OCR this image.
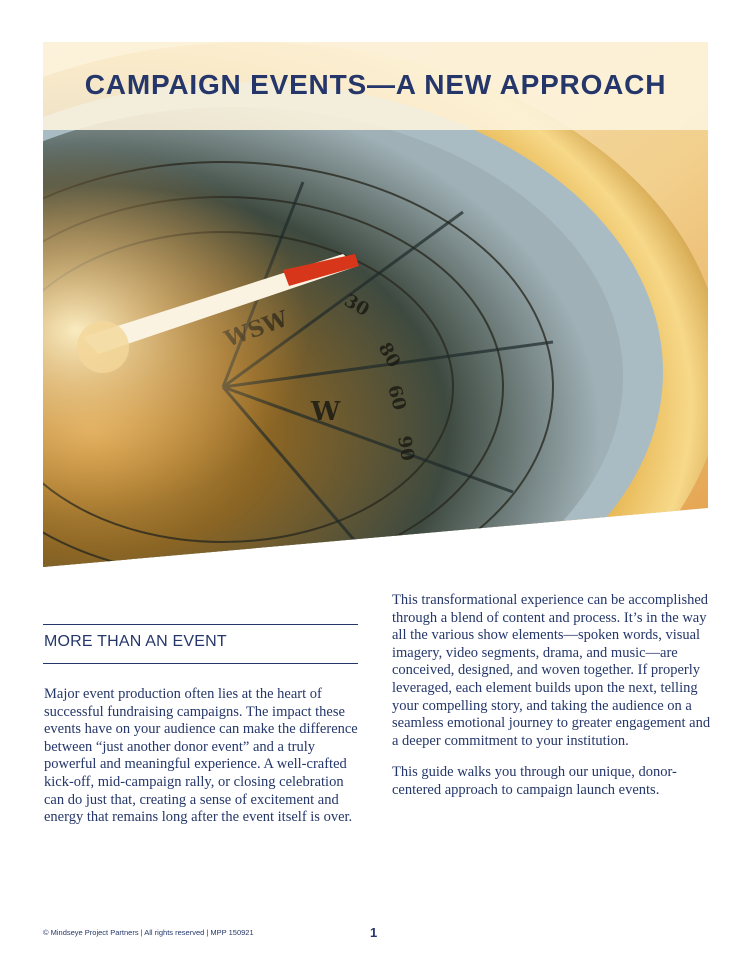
CAMPAIGN EVENTS—A NEW APPROACH
MORE THAN AN EVENT

Major event production often lies at the heart of successful fundraising campaigns. The impact these events have on your audience can make the difference between “just another donor event” and a truly powerful and meaningful experience. A well-crafted kick-off, mid-campaign rally, or closing celebration can do just that, creating a sense of excitement and energy that remains long after the event itself is over.

This transformational experience can be accomplished through a blend of content and process. It’s in the way all the various show elements—spoken words, visual imagery, video segments, drama, and music—are conceived, designed, and woven together. If properly leveraged, each element builds upon the next, telling your compelling story, and taking the audience on a seamless emotional journey to greater engagement and a deeper commitment to your institution.

This guide walks you through our unique, donor-centered approach to campaign launch events.

© Mindseye Project Partners | All rights reserved | MPP 150921	1
